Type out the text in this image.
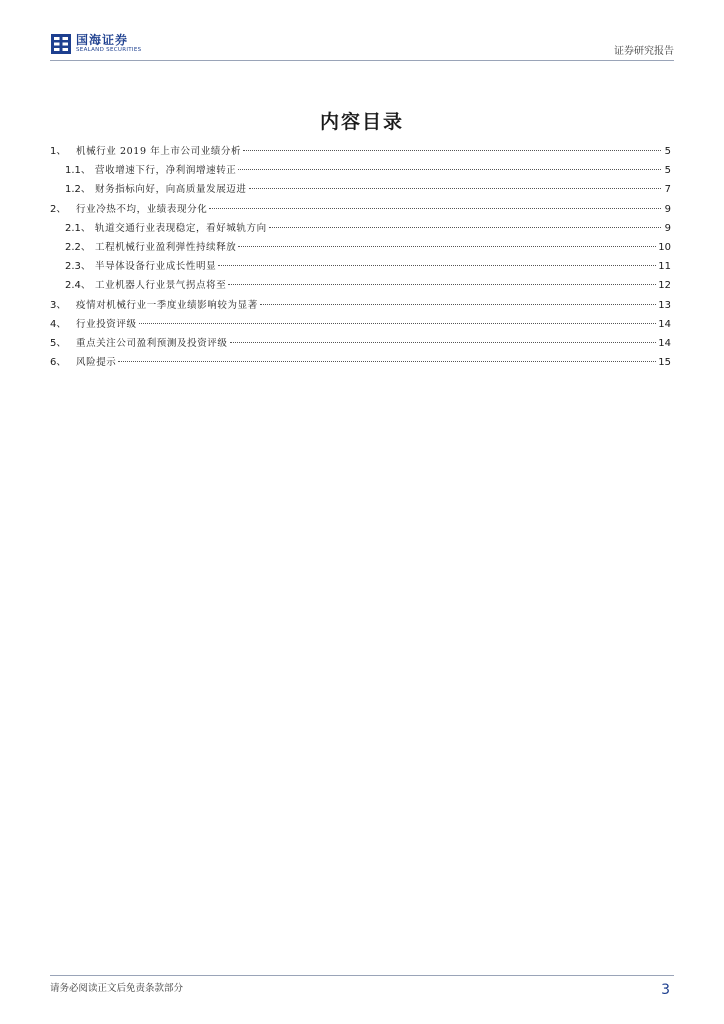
国海证券
SEALAND SECURITIES	证券研究报告
内容目录
1、	机械行业 2019 年上市公司业绩分析	5
1.1、 营收增速下行，净利润增速转正	5
1.2、 财务指标向好，向高质量发展迈进	7
2、	行业冷热不均，业绩表现分化	9
2.1、 轨道交通行业表现稳定，看好城轨方向	9
2.2、 工程机械行业盈利弹性持续释放	10
2.3、 半导体设备行业成长性明显	11
2.4、 工业机器人行业景气拐点将至	12
3、	疫情对机械行业一季度业绩影响较为显著	13
4、	行业投资评级	14
5、	重点关注公司盈利预测及投资评级	14
6、	风险提示	15
请务必阅读正文后免责条款部分	3
